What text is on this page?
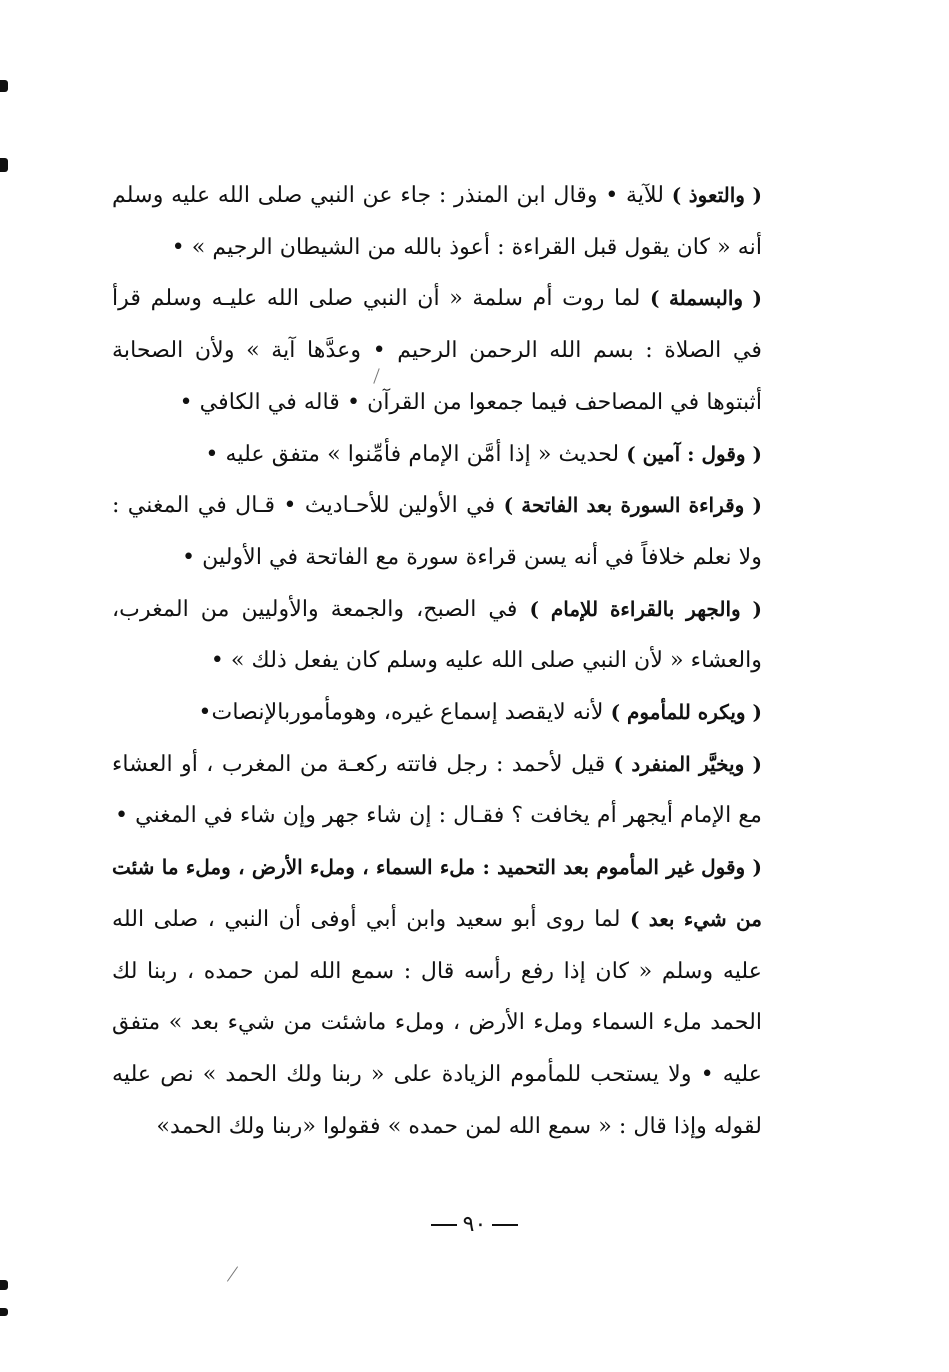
( والتعوذ ) للآية • وقال ابن المنذر : جاء عن النبي صلى الله عليه وسلم أنه « كان يقول قبل القراءة : أعوذ بالله من الشيطان الرجيم » •

( والبسملة ) لما روت أم سلمة « أن النبي صلى الله عليـه وسلم قرأ في الصلاة : بسم الله الرحمن الرحيم • وعدَّها آية » ولأن الصحابة أثبتوها في المصاحف فيما جمعوا من القرآن • قاله في الكافي •

( وقول : آمين ) لحديث « إذا أمَّن الإمام فأمِّنوا » متفق عليه •

( وقراءة السورة بعد الفاتحة ) في الأولين للأحـاديث • قـال في المغني : ولا نعلم خلافاً في أنه يسن قراءة سورة مع الفاتحة في الأولين •

( والجهر بالقراءة للإمام ) في الصبح، والجمعة والأوليين من المغرب، والعشاء « لأن النبي صلى الله عليه وسلم كان يفعل ذلك » •

( ويكره للمأموم ) لأنه لايقصد إسماع غيره، وهومأموربالإنصات•

( ويخيَّر المنفرد ) قيل لأحمد : رجل فاتته ركعـة من المغرب ، أو العشاء مع الإمام أيجهر أم يخافت ؟ فقـال : إن شاء جهر وإن شاء في المغني •

( وقول غير المأموم بعد التحميد : ملء السماء ، وملء الأرض ، وملء ما شئت من شيء بعد ) لما روى أبو سعيد وابن أبي أوفى أن النبي ، صلى الله عليه وسلم « كان إذا رفع رأسه قال : سمع الله لمن حمده ، ربنا لك الحمد ملء السماء وملء الأرض ، وملء ماشئت من شيء بعد » متفق عليه • ولا يستحب للمأموم الزيادة على « ربنا ولك الحمد » نص عليه لقوله وإذا قال : « سمع الله لمن حمده » فقولوا «ربنا ولك الحمد»

٩٠
